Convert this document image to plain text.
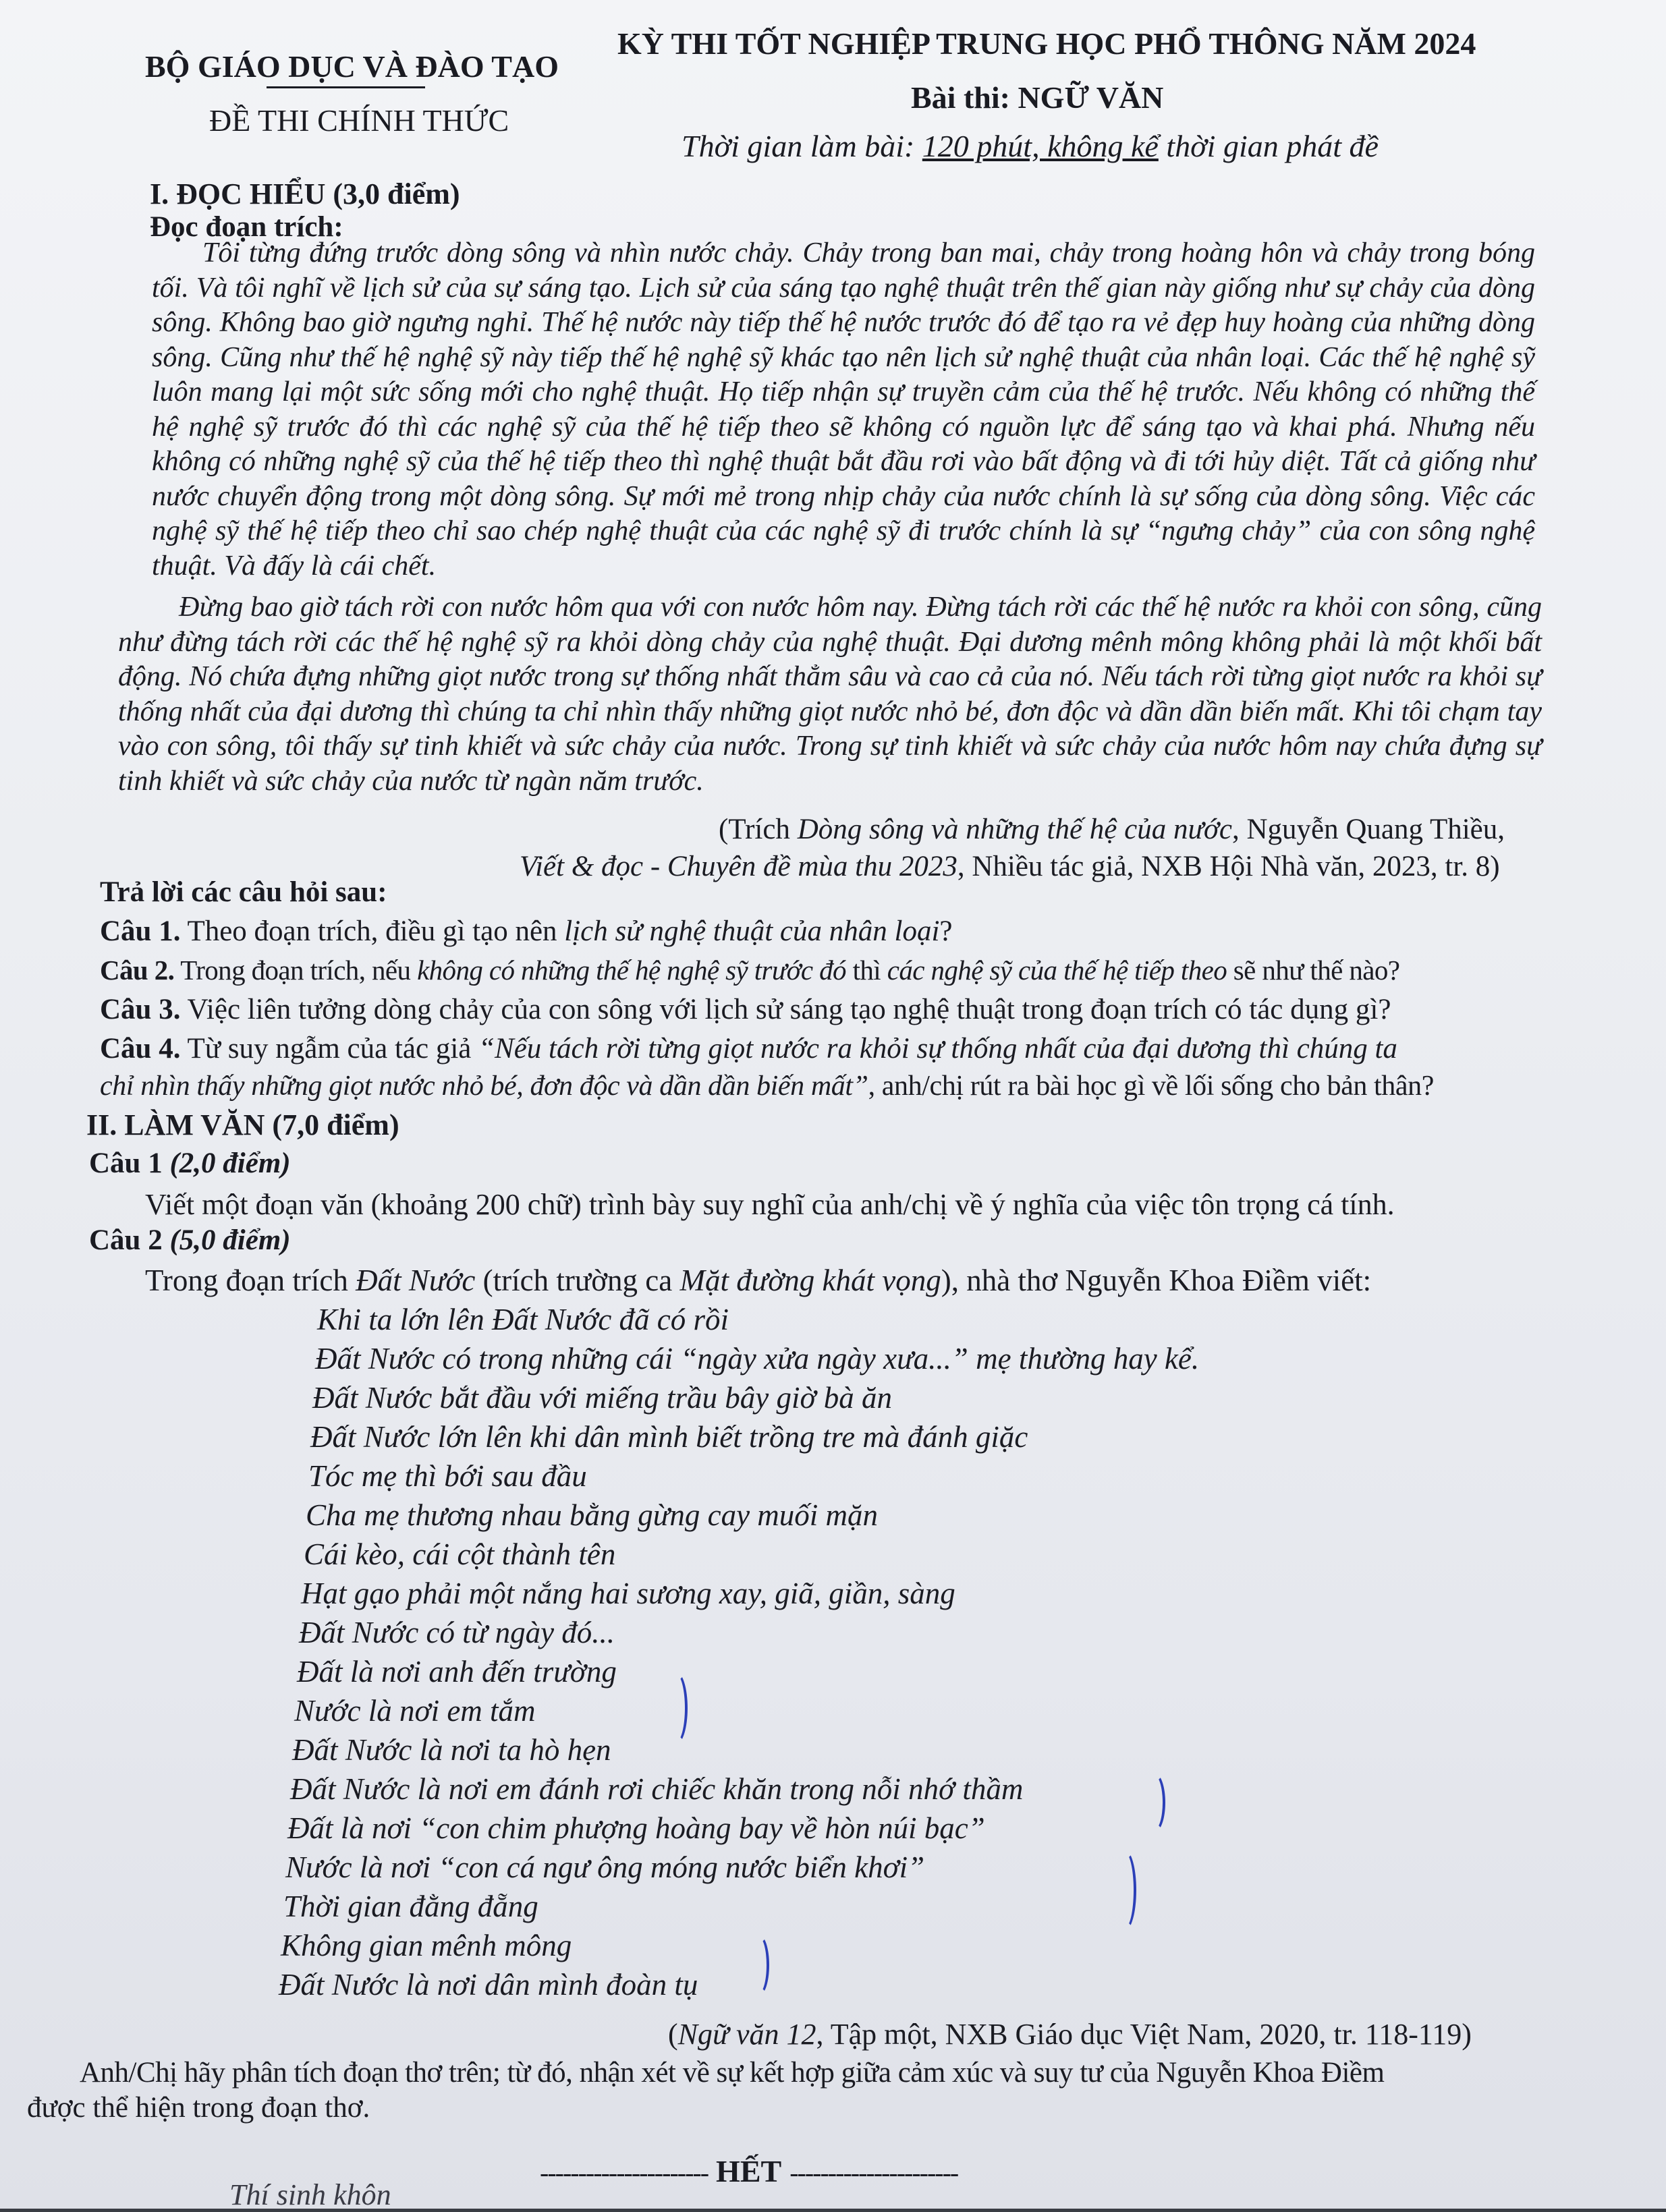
BỘ GIÁO DỤC VÀ ĐÀO TẠO
ĐỀ THI CHÍNH THỨC
KỲ THI TỐT NGHIỆP TRUNG HỌC PHỔ THÔNG NĂM 2024
Bài thi: NGỮ VĂN
Thời gian làm bài: 120 phút, không kể thời gian phát đề
I. ĐỌC HIỂU (3,0 điểm)
Đọc đoạn trích:
Tôi từng đứng trước dòng sông và nhìn nước chảy. Chảy trong ban mai, chảy trong hoàng hôn và chảy trong bóng tối. Và tôi nghĩ về lịch sử của sự sáng tạo. Lịch sử của sáng tạo nghệ thuật trên thế gian này giống như sự chảy của dòng sông. Không bao giờ ngưng nghỉ. Thế hệ nước này tiếp thế hệ nước trước đó để tạo ra vẻ đẹp huy hoàng của những dòng sông. Cũng như thế hệ nghệ sỹ này tiếp thế hệ nghệ sỹ khác tạo nên lịch sử nghệ thuật của nhân loại. Các thế hệ nghệ sỹ luôn mang lại một sức sống mới cho nghệ thuật. Họ tiếp nhận sự truyền cảm của thế hệ trước. Nếu không có những thế hệ nghệ sỹ trước đó thì các nghệ sỹ của thế hệ tiếp theo sẽ không có nguồn lực để sáng tạo và khai phá. Nhưng nếu không có những nghệ sỹ của thế hệ tiếp theo thì nghệ thuật bắt đầu rơi vào bất động và đi tới hủy diệt. Tất cả giống như nước chuyển động trong một dòng sông. Sự mới mẻ trong nhịp chảy của nước chính là sự sống của dòng sông. Việc các nghệ sỹ thế hệ tiếp theo chỉ sao chép nghệ thuật của các nghệ sỹ đi trước chính là sự “ngưng chảy” của con sông nghệ thuật. Và đấy là cái chết.
Đừng bao giờ tách rời con nước hôm qua với con nước hôm nay. Đừng tách rời các thế hệ nước ra khỏi con sông, cũng như đừng tách rời các thế hệ nghệ sỹ ra khỏi dòng chảy của nghệ thuật. Đại dương mênh mông không phải là một khối bất động. Nó chứa đựng những giọt nước trong sự thống nhất thẳm sâu và cao cả của nó. Nếu tách rời từng giọt nước ra khỏi sự thống nhất của đại dương thì chúng ta chỉ nhìn thấy những giọt nước nhỏ bé, đơn độc và dần dần biến mất. Khi tôi chạm tay vào con sông, tôi thấy sự tinh khiết và sức chảy của nước. Trong sự tinh khiết và sức chảy của nước hôm nay chứa đựng sự tinh khiết và sức chảy của nước từ ngàn năm trước.
(Trích Dòng sông và những thế hệ của nước, Nguyễn Quang Thiều,
Viết & đọc - Chuyên đề mùa thu 2023, Nhiều tác giả, NXB Hội Nhà văn, 2023, tr. 8)
Trả lời các câu hỏi sau:
Câu 1. Theo đoạn trích, điều gì tạo nên lịch sử nghệ thuật của nhân loại?
Câu 2. Trong đoạn trích, nếu không có những thế hệ nghệ sỹ trước đó thì các nghệ sỹ của thế hệ tiếp theo sẽ như thế nào?
Câu 3. Việc liên tưởng dòng chảy của con sông với lịch sử sáng tạo nghệ thuật trong đoạn trích có tác dụng gì?
Câu 4. Từ suy ngẫm của tác giả “Nếu tách rời từng giọt nước ra khỏi sự thống nhất của đại dương thì chúng ta
chỉ nhìn thấy những giọt nước nhỏ bé, đơn độc và dần dần biến mất”, anh/chị rút ra bài học gì về lối sống cho bản thân?
II. LÀM VĂN (7,0 điểm)
Câu 1 (2,0 điểm)
Viết một đoạn văn (khoảng 200 chữ) trình bày suy nghĩ của anh/chị về ý nghĩa của việc tôn trọng cá tính.
Câu 2 (5,0 điểm)
Trong đoạn trích Đất Nước (trích trường ca Mặt đường khát vọng), nhà thơ Nguyễn Khoa Điềm viết:
Khi ta lớn lên Đất Nước đã có rồi
Đất Nước có trong những cái “ngày xửa ngày xưa...” mẹ thường hay kể.
Đất Nước bắt đầu với miếng trầu bây giờ bà ăn
Đất Nước lớn lên khi dân mình biết trồng tre mà đánh giặc
Tóc mẹ thì bới sau đầu
Cha mẹ thương nhau bằng gừng cay muối mặn
Cái kèo, cái cột thành tên
Hạt gạo phải một nắng hai sương xay, giã, giần, sàng
Đất Nước có từ ngày đó...
Đất là nơi anh đến trường
Nước là nơi em tắm
Đất Nước là nơi ta hò hẹn
Đất Nước là nơi em đánh rơi chiếc khăn trong nỗi nhớ thầm
Đất là nơi “con chim phượng hoàng bay về hòn núi bạc”
Nước là nơi “con cá ngư ông móng nước biển khơi”
Thời gian đằng đẵng
Không gian mênh mông
Đất Nước là nơi dân mình đoàn tụ
(Ngữ văn 12, Tập một, NXB Giáo dục Việt Nam, 2020, tr. 118-119)
Anh/Chị hãy phân tích đoạn thơ trên; từ đó, nhận xét về sự kết hợp giữa cảm xúc và suy tư của Nguyễn Khoa Điềm
được thể hiện trong đoạn thơ.
---------------------- HẾT ----------------------
Thí sinh khôn
